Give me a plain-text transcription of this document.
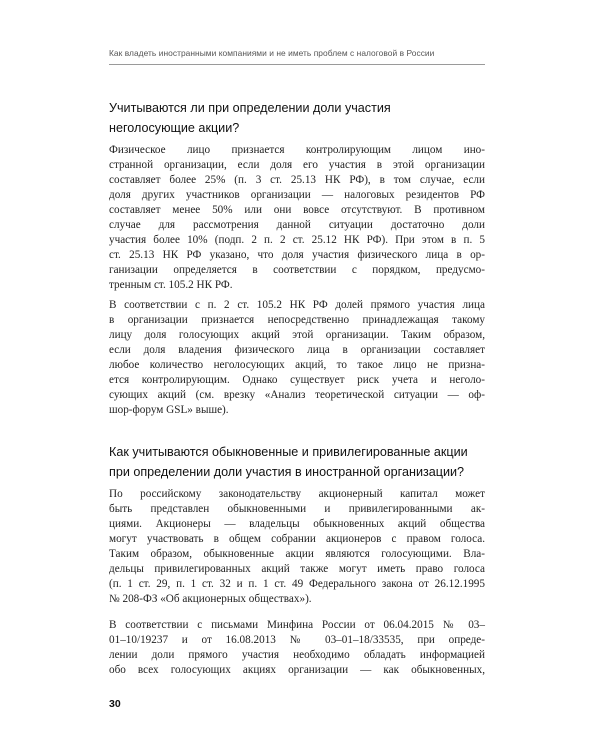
Как владеть иностранными компаниями и не иметь проблем с налоговой в России
Учитываются ли при определении доли участия
неголосующие акции?

Физическое лицо признается контролирующим лицом ино-
странной организации, если доля его участия в этой организации
составляет более 25% (п. 3 ст. 25.13 НК РФ), в том случае, если
доля других участников организации — налоговых резидентов РФ
составляет менее 50% или они вовсе отсутствуют. В противном
случае для рассмотрения данной ситуации достаточно доли
участия более 10% (подп. 2 п. 2 ст. 25.12 НК РФ). При этом в п. 5
ст. 25.13 НК РФ указано, что доля участия физического лица в ор-
ганизации определяется в соответствии с порядком, предусмо-
тренным ст. 105.2 НК РФ.

В соответствии с п. 2 ст. 105.2 НК РФ долей прямого участия лица
в организации признается непосредственно принадлежащая такому
лицу доля голосующих акций этой организации. Таким образом,
если доля владения физического лица в организации составляет
любое количество неголосующих акций, то такое лицо не призна-
ется контролирующим. Однако существует риск учета и неголо-
сующих акций (см. врезку «Анализ теоретической ситуации — оф-
шор-форум GSL» выше).

Как учитываются обыкновенные и привилегированные акции
при определении доли участия в иностранной организации?

По российскому законодательству акционерный капитал может
быть представлен обыкновенными и привилегированными ак-
циями. Акционеры — владельцы обыкновенных акций общества
могут участвовать в общем собрании акционеров с правом голоса.
Таким образом, обыкновенные акции являются голосующими. Вла-
дельцы привилегированных акций также могут иметь право голоса
(п. 1 ст. 29, п. 1 ст. 32 и п. 1 ст. 49 Федерального закона от 26.12.1995
№ 208-ФЗ «Об акционерных обществах»).

В соответствии с письмами Минфина России от 06.04.2015 № 03–
01–10/19237 и от 16.08.2013 № 03–01–18/33535, при опреде-
лении доли прямого участия необходимо обладать информацией
обо всех голосующих акциях организации — как обыкновенных,

30
